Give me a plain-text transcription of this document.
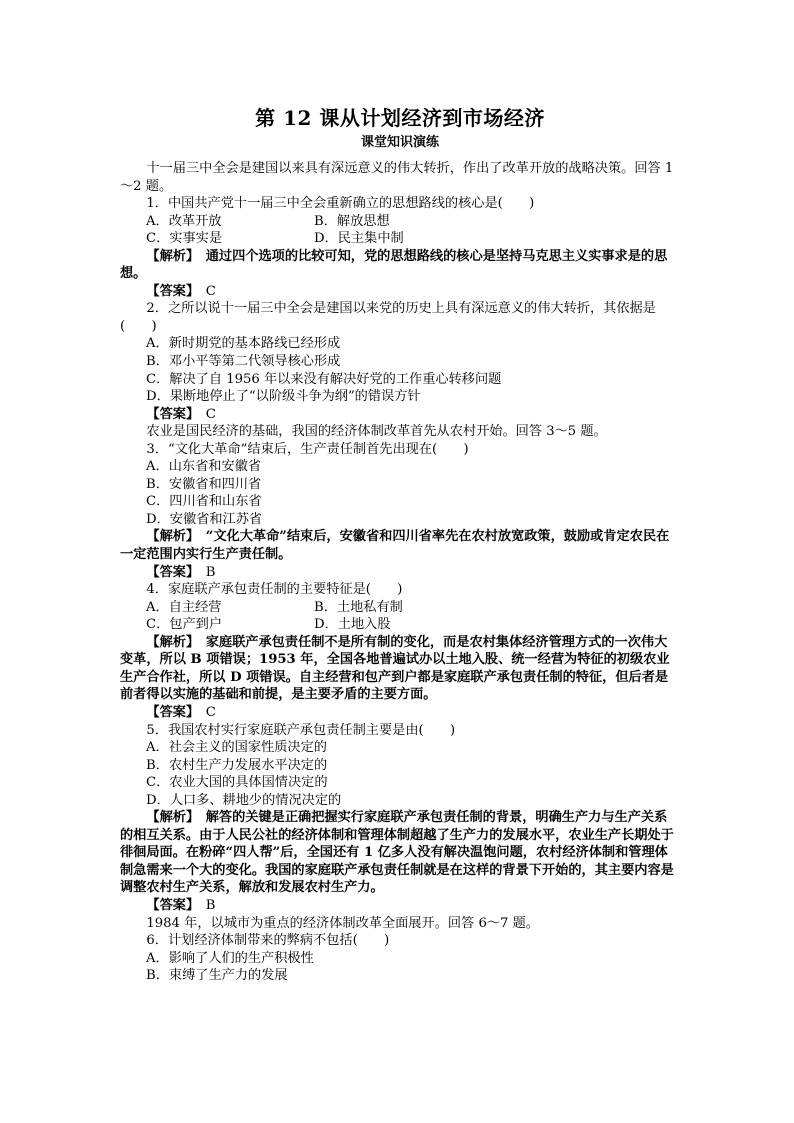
第 12 课从计划经济到市场经济
课堂知识演练

十一届三中全会是建国以来具有深远意义的伟大转折，作出了改革开放的战略决策。回答 1～2 题。

1．中国共产党十一届三中全会重新确立的思想路线的核心是(　　)

A．改革开放	B．解放思想
C．实事实是	D．民主集中制

【解析】　通过四个选项的比较可知，党的思想路线的核心是坚持马克思主义实事求是的思想。

【答案】　C

2．之所以说十一届三中全会是建国以来党的历史上具有深远意义的伟大转折，其依据是(　　)

A．新时期党的基本路线已经形成
B．邓小平等第二代领导核心形成
C．解决了自 1956 年以来没有解决好党的工作重心转移问题
D．果断地停止了“以阶级斗争为纲”的错误方针

【答案】　C

农业是国民经济的基础，我国的经济体制改革首先从农村开始。回答 3～5 题。

3．“文化大革命”结束后，生产责任制首先出现在(　　)

A．山东省和安徽省
B．安徽省和四川省
C．四川省和山东省
D．安徽省和江苏省

【解析】　“文化大革命”结束后，安徽省和四川省率先在农村放宽政策，鼓励或肯定农民在一定范围内实行生产责任制。

【答案】　B

4．家庭联产承包责任制的主要特征是(　　)

A．自主经营	B．土地私有制
C．包产到户	D．土地入股

【解析】　家庭联产承包责任制不是所有制的变化，而是农村集体经济管理方式的一次伟大变革，所以 B 项错误；1953 年，全国各地普遍试办以土地入股、统一经营为特征的初级农业生产合作社，所以 D 项错误。自主经营和包产到户都是家庭联产承包责任制的特征，但后者是前者得以实施的基础和前提，是主要矛盾的主要方面。

【答案】　C

5．我国农村实行家庭联产承包责任制主要是由(　　)

A．社会主义的国家性质决定的
B．农村生产力发展水平决定的
C．农业大国的具体国情决定的
D．人口多、耕地少的情况决定的

【解析】　解答的关键是正确把握实行家庭联产承包责任制的背景，明确生产力与生产关系的相互关系。由于人民公社的经济体制和管理体制超越了生产力的发展水平，农业生产长期处于徘徊局面。在粉碎“四人帮”后，全国还有 1 亿多人没有解决温饱问题，农村经济体制和管理体制急需来一个大的变化。我国的家庭联产承包责任制就是在这样的背景下开始的，其主要内容是调整农村生产关系，解放和发展农村生产力。

【答案】　B

1984 年，以城市为重点的经济体制改革全面展开。回答 6～7 题。

6．计划经济体制带来的弊病不包括(　　)

A．影响了人们的生产积极性
B．束缚了生产力的发展
